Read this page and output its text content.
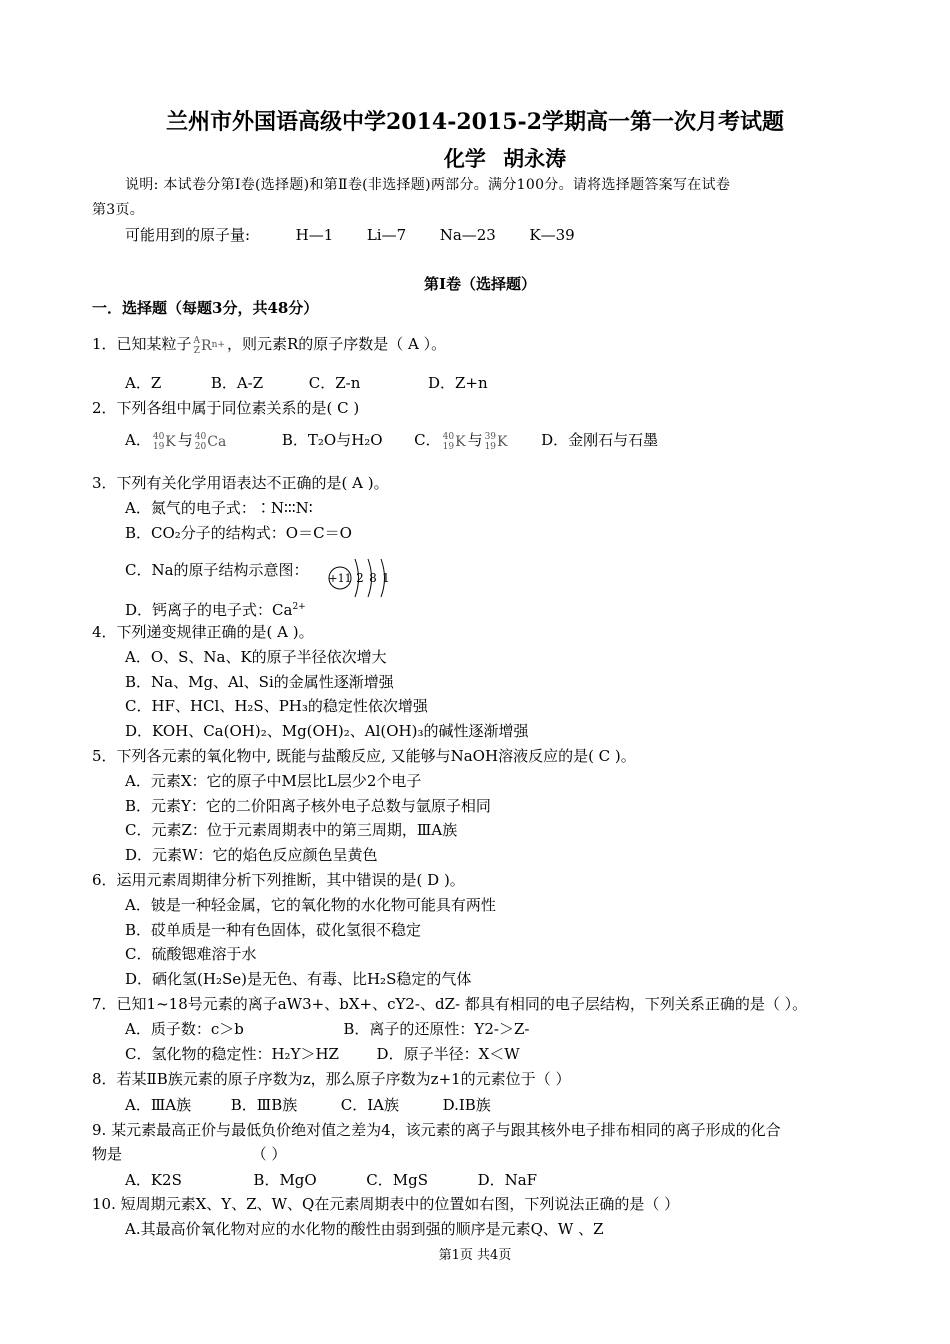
兰州市外国语高级中学2014-2015-2学期高一第一次月考试题
化学 胡永涛
说明: 本试卷分第Ⅰ卷(选择题)和第Ⅱ卷(非选择题)两部分。满分100分。请将选择题答案写在试卷
第3页。
可能用到的原子量:	H—1 Li—7 Na—23 K—39
第Ⅰ卷（选择题）
一．选择题（每题3分，共48分）
1．已知某粒子 A
$ZR^{n+}$ ，则元素R的原子序数是（ A ）。
A．Z	B．A-Z	C．Z-n	D．Z+n
2．下列各组中属于同位素关系的是( C )
A． 40
19K 与 40
20Ca	B．T₂O与H₂O C． 40
19K 与 39
19K D．金刚石与石墨
3．下列有关化学用语表达不正确的是( A )。
A．氮气的电子式：∶N∶∶∶N∶
B．CO₂分子的结构式：O＝C＝O
C．Na的原子结构示意图： +11 2 8 1
D．钙离子的电子式：$Ca^{2+}$
4．下列递变规律正确的是( A )。
A．O、S、Na、K的原子半径依次增大
B．Na、Mg、Al、Si的金属性逐渐增强
C．HF、HCl、H₂S、PH₃的稳定性依次增强
D．KOH、Ca(OH)₂、Mg(OH)₂、Al(OH)₃的碱性逐渐增强
5．下列各元素的氧化物中, 既能与盐酸反应, 又能够与NaOH溶液反应的是( C )。
A．元素X：它的原子中M层比L层少2个电子
B．元素Y：它的二价阳离子核外电子总数与氩原子相同
C．元素Z：位于元素周期表中的第三周期，ⅢA族
D．元素W：它的焰色反应颜色呈黄色
6．运用元素周期律分析下列推断，其中错误的是( D )。
A．铍是一种轻金属，它的氧化物的水化物可能具有两性
B．砹单质是一种有色固体，砹化氢很不稳定
C．硫酸锶难溶于水
D．硒化氢(H₂Se)是无色、有毒、比H₂S稳定的气体
7．已知1~18号元素的离子aW3+、bX+、cY2-、dZ- 都具有相同的电子层结构，下列关系正确的是（ ）。
A．质子数：c＞b	B．离子的还原性：Y2-＞Z-
C．氢化物的稳定性：H₂Y＞HZ	D．原子半径：X＜W
8．若某ⅡB族元素的原子序数为z，那么原子序数为z+1的元素位于（ ）
A．ⅢA族	B．ⅢB族	C．ⅠA族	D.IB族
9. 某元素最高正价与最低负价绝对值之差为4，该元素的离子与跟其核外电子排布相同的离子形成的化合
物是	（ ）
A．K2S	B．MgO	C．MgS	D．NaF
10. 短周期元素X、Y、Z、W、Q在元素周期表中的位置如右图，下列说法正确的是（ ）
A.其最高价氧化物对应的水化物的酸性由弱到强的顺序是元素Q、W 、Z
第1页 共4页
